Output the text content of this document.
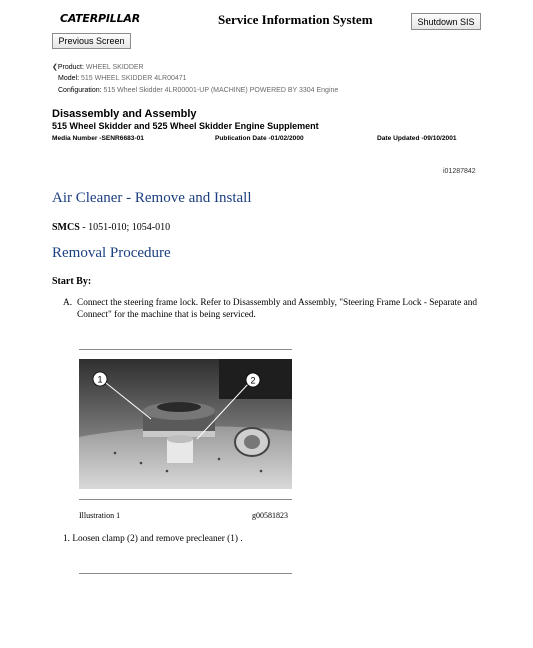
CATERPILLAR	Service Information System	Shutdown SIS
Previous Screen
❮Product: WHEEL SKIDDER
Model: 515 WHEEL SKIDDER 4LR00471
Configuration: 515 Wheel Skidder 4LR00001-UP (MACHINE) POWERED BY 3304 Engine
Disassembly and Assembly
515 Wheel Skidder and 525 Wheel Skidder Engine Supplement
Media Number -SENR6683-01	Publication Date -01/02/2000	Date Updated -09/10/2001
i01287842
Air Cleaner - Remove and Install
SMCS - 1051-010; 1054-010
Removal Procedure
Start By:
A. Connect the steering frame lock. Refer to Disassembly and Assembly, "Steering Frame Lock - Separate and Connect" for the machine that is being serviced.
1	2
Illustration 1	g00581823
1. Loosen clamp (2) and remove precleaner (1) .
